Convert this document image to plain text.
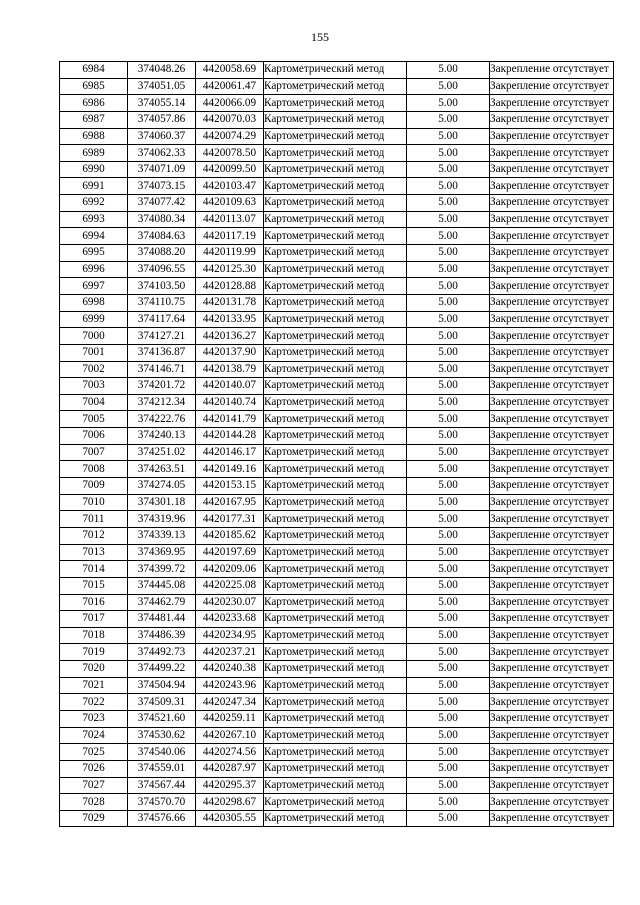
155
6984	374048.26	4420058.69	Картометрический метод	5.00	Закрепление отсутствует
6985	374051.05	4420061.47	Картометрический метод	5.00	Закрепление отсутствует
6986	374055.14	4420066.09	Картометрический метод	5.00	Закрепление отсутствует
6987	374057.86	4420070.03	Картометрический метод	5.00	Закрепление отсутствует
6988	374060.37	4420074.29	Картометрический метод	5.00	Закрепление отсутствует
6989	374062.33	4420078.50	Картометрический метод	5.00	Закрепление отсутствует
6990	374071.09	4420099.50	Картометрический метод	5.00	Закрепление отсутствует
6991	374073.15	4420103.47	Картометрический метод	5.00	Закрепление отсутствует
6992	374077.42	4420109.63	Картометрический метод	5.00	Закрепление отсутствует
6993	374080.34	4420113.07	Картометрический метод	5.00	Закрепление отсутствует
6994	374084.63	4420117.19	Картометрический метод	5.00	Закрепление отсутствует
6995	374088.20	4420119.99	Картометрический метод	5.00	Закрепление отсутствует
6996	374096.55	4420125.30	Картометрический метод	5.00	Закрепление отсутствует
6997	374103.50	4420128.88	Картометрический метод	5.00	Закрепление отсутствует
6998	374110.75	4420131.78	Картометрический метод	5.00	Закрепление отсутствует
6999	374117.64	4420133.95	Картометрический метод	5.00	Закрепление отсутствует
7000	374127.21	4420136.27	Картометрический метод	5.00	Закрепление отсутствует
7001	374136.87	4420137.90	Картометрический метод	5.00	Закрепление отсутствует
7002	374146.71	4420138.79	Картометрический метод	5.00	Закрепление отсутствует
7003	374201.72	4420140.07	Картометрический метод	5.00	Закрепление отсутствует
7004	374212.34	4420140.74	Картометрический метод	5.00	Закрепление отсутствует
7005	374222.76	4420141.79	Картометрический метод	5.00	Закрепление отсутствует
7006	374240.13	4420144.28	Картометрический метод	5.00	Закрепление отсутствует
7007	374251.02	4420146.17	Картометрический метод	5.00	Закрепление отсутствует
7008	374263.51	4420149.16	Картометрический метод	5.00	Закрепление отсутствует
7009	374274.05	4420153.15	Картометрический метод	5.00	Закрепление отсутствует
7010	374301.18	4420167.95	Картометрический метод	5.00	Закрепление отсутствует
7011	374319.96	4420177.31	Картометрический метод	5.00	Закрепление отсутствует
7012	374339.13	4420185.62	Картометрический метод	5.00	Закрепление отсутствует
7013	374369.95	4420197.69	Картометрический метод	5.00	Закрепление отсутствует
7014	374399.72	4420209.06	Картометрический метод	5.00	Закрепление отсутствует
7015	374445.08	4420225.08	Картометрический метод	5.00	Закрепление отсутствует
7016	374462.79	4420230.07	Картометрический метод	5.00	Закрепление отсутствует
7017	374481.44	4420233.68	Картометрический метод	5.00	Закрепление отсутствует
7018	374486.39	4420234.95	Картометрический метод	5.00	Закрепление отсутствует
7019	374492.73	4420237.21	Картометрический метод	5.00	Закрепление отсутствует
7020	374499.22	4420240.38	Картометрический метод	5.00	Закрепление отсутствует
7021	374504.94	4420243.96	Картометрический метод	5.00	Закрепление отсутствует
7022	374509.31	4420247.34	Картометрический метод	5.00	Закрепление отсутствует
7023	374521.60	4420259.11	Картометрический метод	5.00	Закрепление отсутствует
7024	374530.62	4420267.10	Картометрический метод	5.00	Закрепление отсутствует
7025	374540.06	4420274.56	Картометрический метод	5.00	Закрепление отсутствует
7026	374559.01	4420287.97	Картометрический метод	5.00	Закрепление отсутствует
7027	374567.44	4420295.37	Картометрический метод	5.00	Закрепление отсутствует
7028	374570.70	4420298.67	Картометрический метод	5.00	Закрепление отсутствует
7029	374576.66	4420305.55	Картометрический метод	5.00	Закрепление отсутствует
